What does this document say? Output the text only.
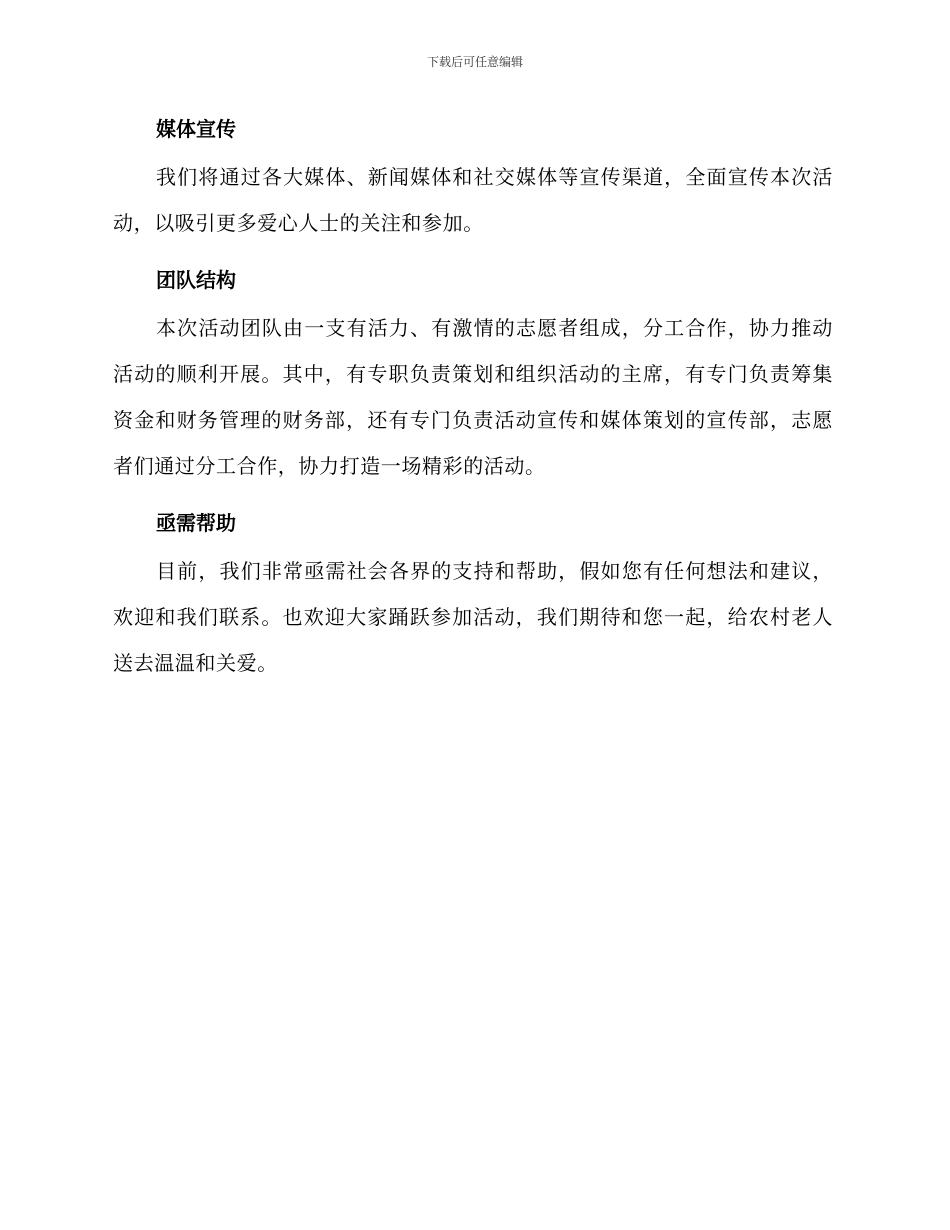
下载后可任意编辑
媒体宣传

我们将通过各大媒体、新闻媒体和社交媒体等宣传渠道，全面宣传本次活动，以吸引更多爱心人士的关注和参加。

团队结构

本次活动团队由一支有活力、有激情的志愿者组成，分工合作，协力推动活动的顺利开展。其中，有专职负责策划和组织活动的主席，有专门负责筹集资金和财务管理的财务部，还有专门负责活动宣传和媒体策划的宣传部，志愿者们通过分工合作，协力打造一场精彩的活动。

亟需帮助

目前，我们非常亟需社会各界的支持和帮助，假如您有任何想法和建议，欢迎和我们联系。也欢迎大家踊跃参加活动，我们期待和您一起，给农村老人送去温温和关爱。
